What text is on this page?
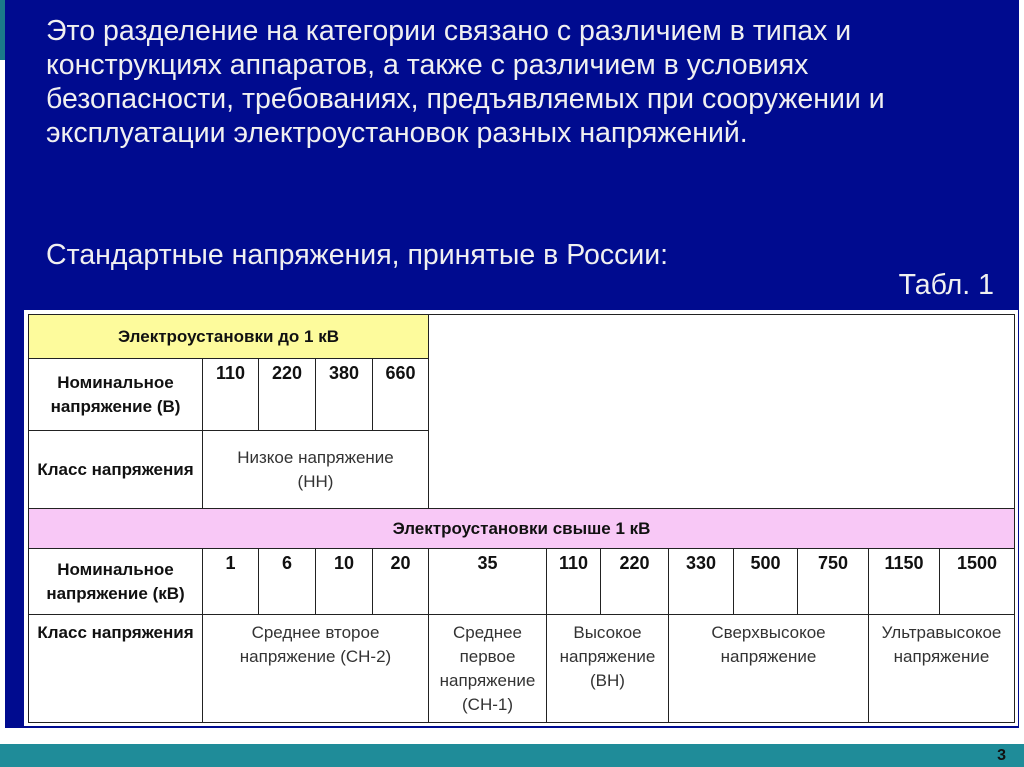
Это разделение на категории связано с различием в типах и конструкциях аппаратов, а также с различием в условиях безопасности, требованиях, предъявляемых при сооружении и эксплуатации электроустановок разных напряжений.

Стандартные напряжения, принятые в России:

Табл. 1
Электроустановки до 1 кВ												
Номинальное напряжение (В)	110	220	380	660								
Класс напряжения	Низкое напряжение (НН)											
Электроустановки свыше 1 кВ												
Номинальное напряжение (кВ)	1	6	10	20	35	110	220	330	500	750	1150	1500
Класс напряжения	Среднее второе напряжение (СН-2)				Среднее первое напряжение (СН-1)	Высокое напряжение (ВН)		Сверхвысокое напряжение			Ультравысокое напряжение	
3
